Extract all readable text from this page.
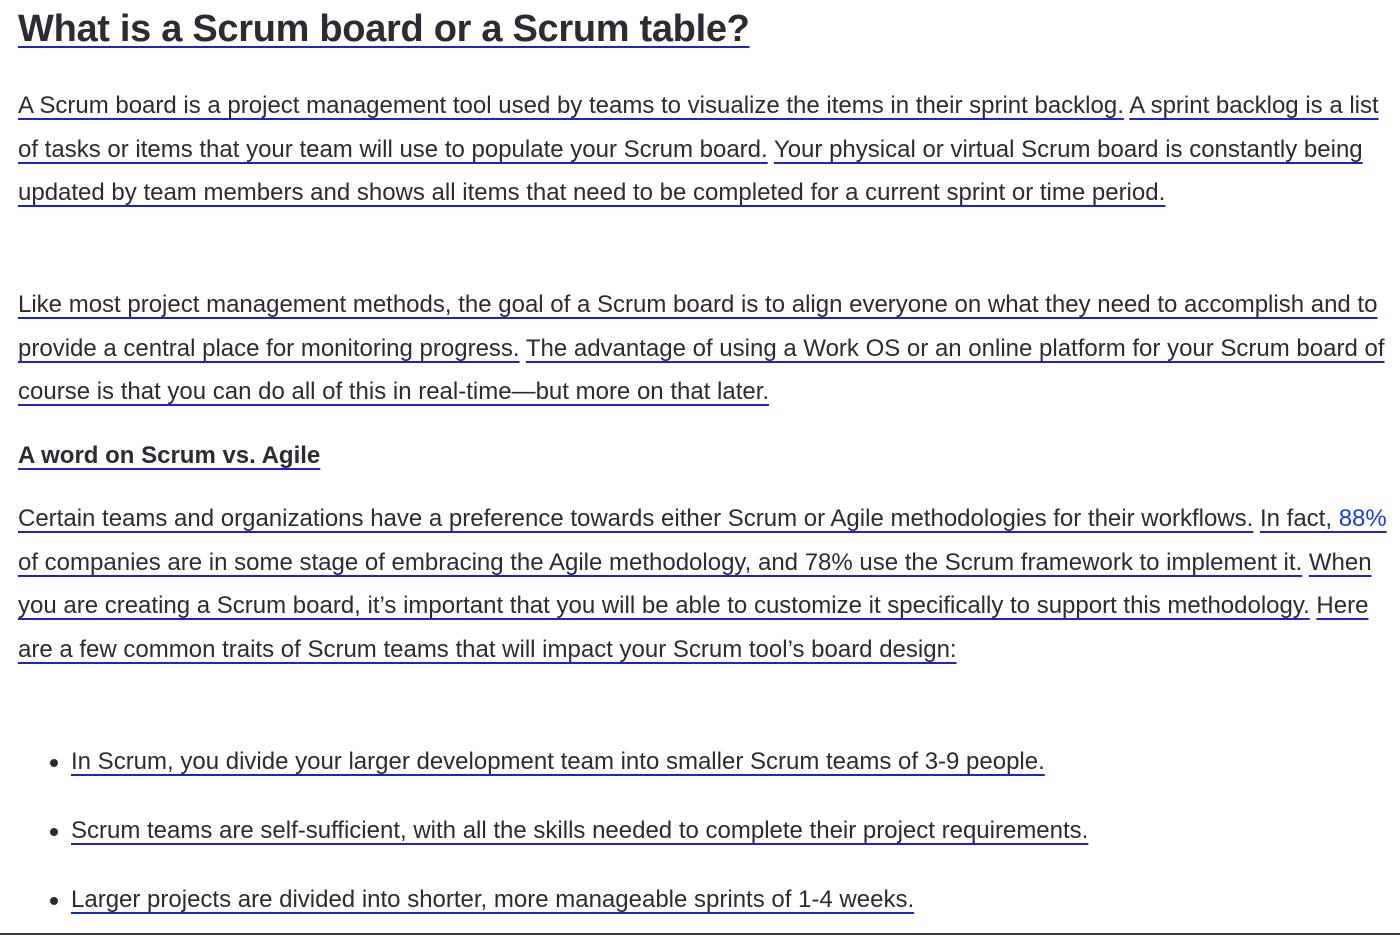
What is a Scrum board or a Scrum table?

A Scrum board is a project management tool used by teams to visualize the items in their sprint backlog. A sprint backlog is a list of tasks or items that your team will use to populate your Scrum board. Your physical or virtual Scrum board is constantly being updated by team members and shows all items that need to be completed for a current sprint or time period.

Like most project management methods, the goal of a Scrum board is to align everyone on what they need to accomplish and to provide a central place for monitoring progress. The advantage of using a Work OS or an online platform for your Scrum board of course is that you can do all of this in real-time—but more on that later.

A word on Scrum vs. Agile

Certain teams and organizations have a preference towards either Scrum or Agile methodologies for their workflows. In fact, 88% of companies are in some stage of embracing the Agile methodology, and 78% use the Scrum framework to implement it. When you are creating a Scrum board, it’s important that you will be able to customize it specifically to support this methodology. Here are a few common traits of Scrum teams that will impact your Scrum tool’s board design:

In Scrum, you divide your larger development team into smaller Scrum teams of 3-9 people.
Scrum teams are self-sufficient, with all the skills needed to complete their project requirements.
Larger projects are divided into shorter, more manageable sprints of 1-4 weeks.
